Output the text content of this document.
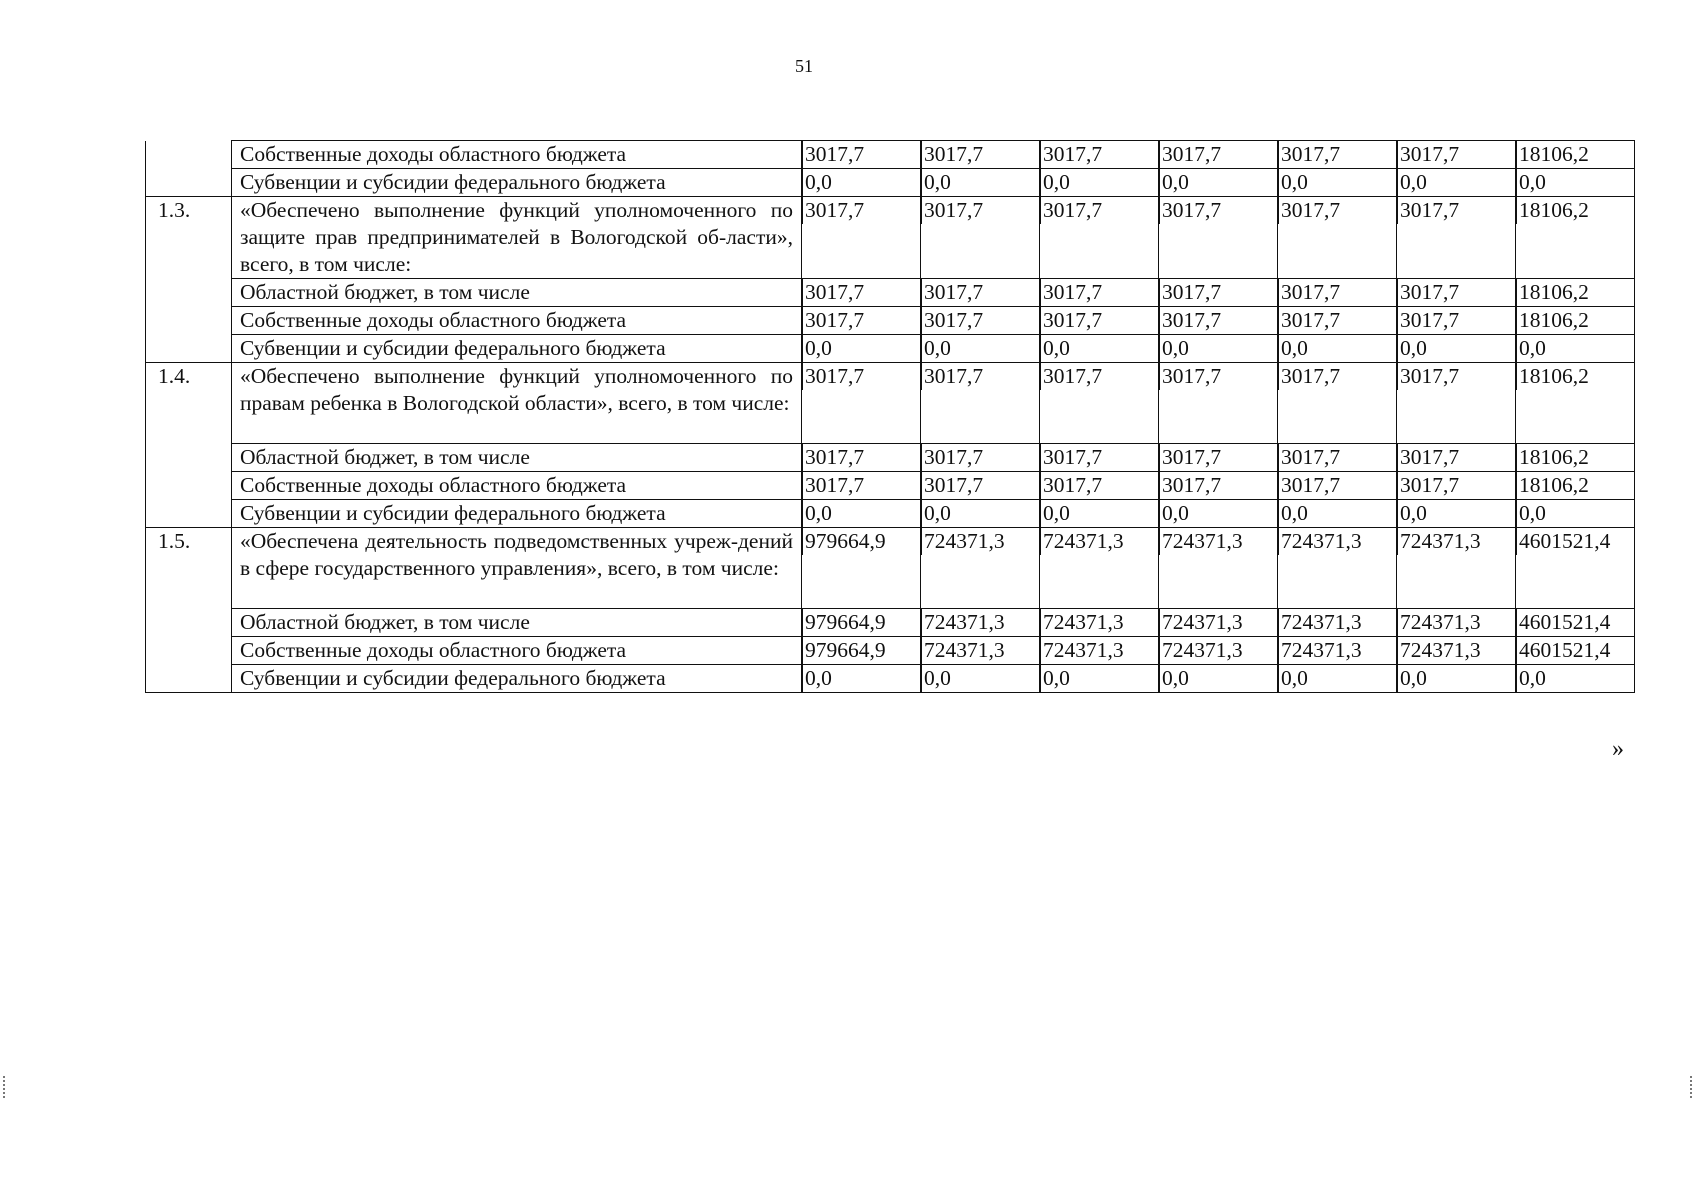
51
	Собственные доходы областного бюджета	3017,7	3017,7	3017,7	3017,7	3017,7	3017,7	18106,2

	Субвенции и субсидии федерального бюджета	0,0	0,0	0,0	0,0	0,0	0,0	0,0

1.3.	«Обеспечено выполнение функций уполномоченного по защите прав предпринимателей в Вологодской об-ласти», всего, в том числе:	3017,7	3017,7	3017,7	3017,7	3017,7	3017,7	18106,2

	Областной бюджет, в том числе	3017,7	3017,7	3017,7	3017,7	3017,7	3017,7	18106,2

	Собственные доходы областного бюджета	3017,7	3017,7	3017,7	3017,7	3017,7	3017,7	18106,2

	Субвенции и субсидии федерального бюджета	0,0	0,0	0,0	0,0	0,0	0,0	0,0

1.4.	«Обеспечено выполнение функций уполномоченного по правам ребенка в Вологодской области», всего, в том числе:	3017,7	3017,7	3017,7	3017,7	3017,7	3017,7	18106,2

	Областной бюджет, в том числе	3017,7	3017,7	3017,7	3017,7	3017,7	3017,7	18106,2

	Собственные доходы областного бюджета	3017,7	3017,7	3017,7	3017,7	3017,7	3017,7	18106,2

	Субвенции и субсидии федерального бюджета	0,0	0,0	0,0	0,0	0,0	0,0	0,0

1.5.	«Обеспечена деятельность подведомственных учреж-дений в сфере государственного управления», всего, в том числе:	979664,9	724371,3	724371,3	724371,3	724371,3	724371,3	4601521,4

	Областной бюджет, в том числе	979664,9	724371,3	724371,3	724371,3	724371,3	724371,3	4601521,4

	Собственные доходы областного бюджета	979664,9	724371,3	724371,3	724371,3	724371,3	724371,3	4601521,4

	Субвенции и субсидии федерального бюджета	0,0	0,0	0,0	0,0	0,0	0,0	0,0
»
